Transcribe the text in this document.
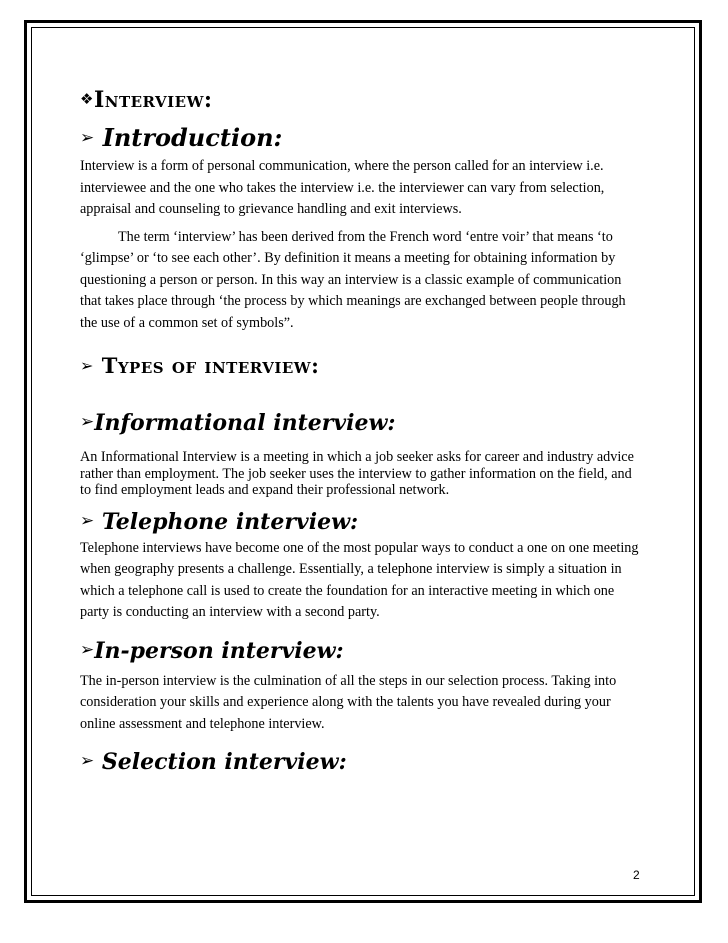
❖Interview:
➢ Introduction:

Interview is a form of personal communication, where the person called for an interview i.e. interviewee and the one who takes the interview i.e. the interviewer can vary from selection, appraisal and counseling to grievance handling and exit interviews.

The term ‘interview’ has been derived from the French word ‘entre voir’ that means ‘to ‘glimpse’ or ‘to see each other’. By definition it means a meeting for obtaining information by questioning a person or person. In this way an interview is a classic example of communication that takes place through ‘the process by which meanings are exchanged between people through the use of a common set of symbols”.

➢ Types of interview:
➢Informational interview:

An Informational Interview is a meeting in which a job seeker asks for career and industry advice rather than employment. The job seeker uses the interview to gather information on the field, and to find employment leads and expand their professional network.

➢ Telephone interview:

Telephone interviews have become one of the most popular ways to conduct a one on one meeting when geography presents a challenge. Essentially, a telephone interview is simply a situation in which a telephone call is used to create the foundation for an interactive meeting in which one party is conducting an interview with a second party.

➢In-person interview:

The in-person interview is the culmination of all the steps in our selection process. Taking into consideration your skills and experience along with the talents you have revealed during your online assessment and telephone interview.

➢ Selection interview:
2
